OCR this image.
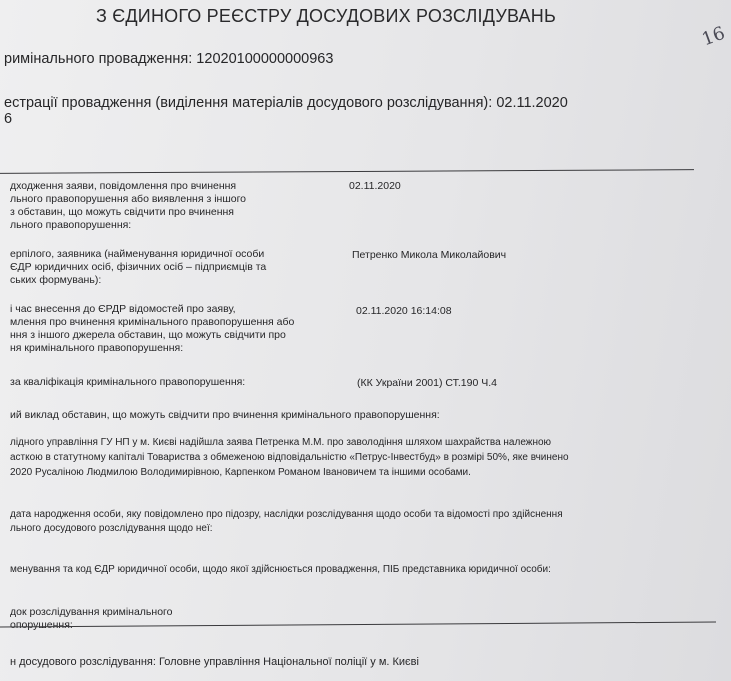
З ЄДИНОГО РЕЄСТРУ ДОСУДОВИХ РОЗСЛІДУВАНЬ
16
римінального провадження: 12020100000000963
естрації провадження (виділення матеріалів досудового розслідування): 02.11.2020
6
дходження заяви, повідомлення про вчинення
льного правопорушення або виявлення з іншого
з обставин, що можуть свідчити про вчинення
льного правопорушення:
02.11.2020
ерпілого, заявника (найменування юридичної особи
ЄДР юридичних осіб, фізичних осіб – підприємців та
ських формувань):
Петренко Микола Миколайович
і час внесення до ЄРДР відомостей про заяву,
млення про вчинення кримінального правопорушення або
ння з іншого джерела обставин, що можуть свідчити про
ня кримінального правопорушення:
02.11.2020 16:14:08
за кваліфікація кримінального правопорушення:	(КК України 2001) СТ.190 Ч.4
ий виклад обставин, що можуть свідчити про вчинення кримінального правопорушення:
лідного управління ГУ НП у м. Києві надійшла заява Петренка М.М. про заволодіння шляхом шахрайства належною
асткою в статутному капіталі Товариства з обмеженою відповідальністю «Петрус-Інвестбуд» в розмірі 50%, яке вчинено
2020 Русаліною Людмилою Володимирівною, Карпенком Романом Івановичем та іншими особами.
дата народження особи, яку повідомлено про підозру, наслідки розслідування щодо особи та відомості про здійснення
льного досудового розслідування щодо неї:
менування та код ЄДР юридичної особи, щодо якої здійснюється провадження, ПІБ представника юридичної особи:
док розслідування кримінального
опорушення:
н досудового розслідування: Головне управління Національної поліції у м. Києві
